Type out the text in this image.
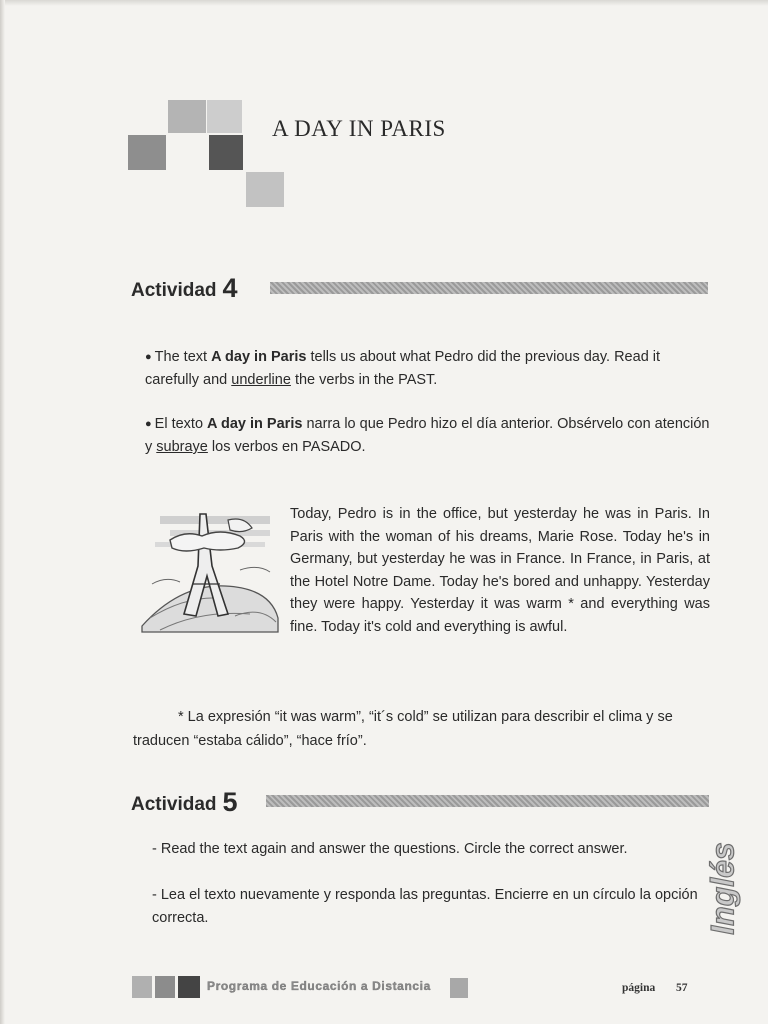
A DAY IN PARIS
Actividad 4
● The text A day in Paris tells us about what Pedro did the previous day. Read it carefully and underline the verbs in the PAST.
● El texto A day in Paris narra lo que Pedro hizo el día anterior. Obsérvelo con atención y subraye los verbos en PASADO.
Today, Pedro is in the office, but yesterday he was in Paris. In Paris with the woman of his dreams, Marie Rose. Today he's in Germany, but yesterday he was in France. In France, in Paris, at the Hotel Notre Dame. Today he's bored and unhappy. Yesterday they were happy. Yesterday it was warm * and everything was fine. Today it's cold and everything is awful.
* La expresión “it was warm”, “it´s cold” se utilizan para describir el clima y se traducen “estaba cálido”, “hace frío”.
Actividad 5
- Read the text again and answer the questions. Circle the correct answer.
- Lea el texto nuevamente y responda las preguntas. Encierre en un círculo la opción correcta.	Inglés
Programa de Educación a Distancia	página 57
